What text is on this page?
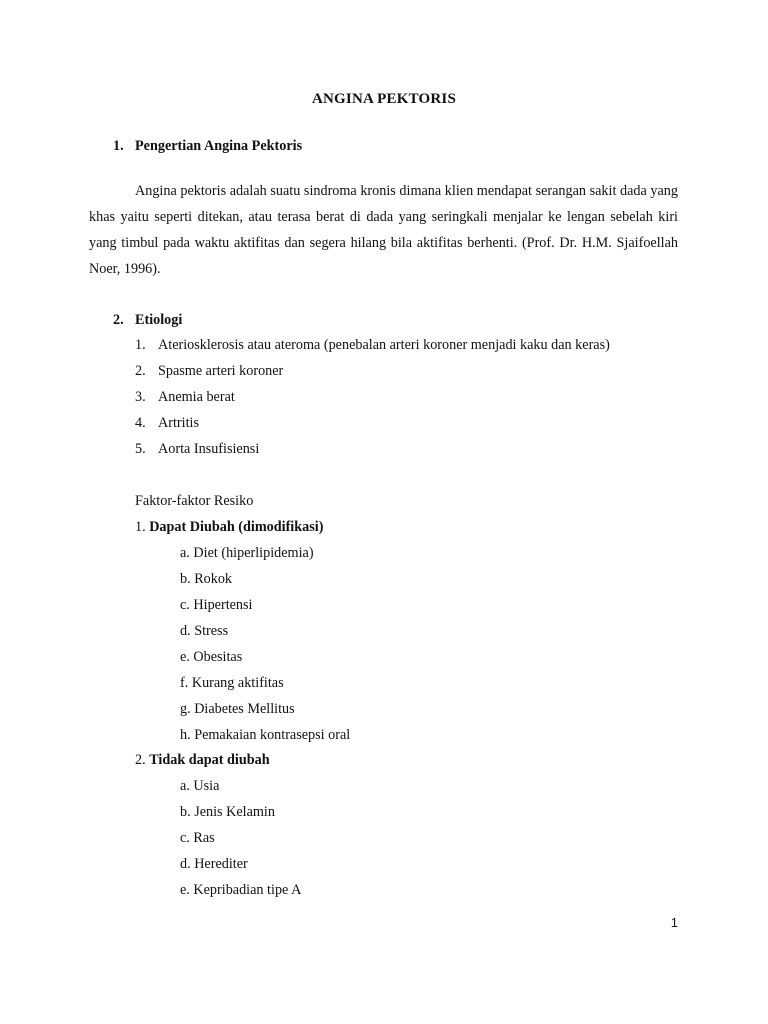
ANGINA PEKTORIS
1. Pengertian Angina Pektoris

Angina pektoris adalah suatu sindroma kronis dimana klien mendapat serangan sakit dada yang khas yaitu seperti ditekan, atau terasa berat di dada yang seringkali menjalar ke lengan sebelah kiri yang timbul pada waktu aktifitas dan segera hilang bila aktifitas berhenti. (Prof. Dr. H.M. Sjaifoellah Noer, 1996).

2. Etiologi
1. Ateriosklerosis atau ateroma (penebalan arteri koroner menjadi kaku dan keras)
2. Spasme arteri koroner
3. Anemia berat
4. Artritis
5. Aorta Insufisiensi
Faktor-faktor Resiko
1. Dapat Diubah (dimodifikasi)
a. Diet (hiperlipidemia)
b. Rokok
c. Hipertensi
d. Stress
e. Obesitas
f. Kurang aktifitas
g. Diabetes Mellitus
h. Pemakaian kontrasepsi oral
2. Tidak dapat diubah
a. Usia
b. Jenis Kelamin
c. Ras
d. Herediter
e. Kepribadian tipe A
1
